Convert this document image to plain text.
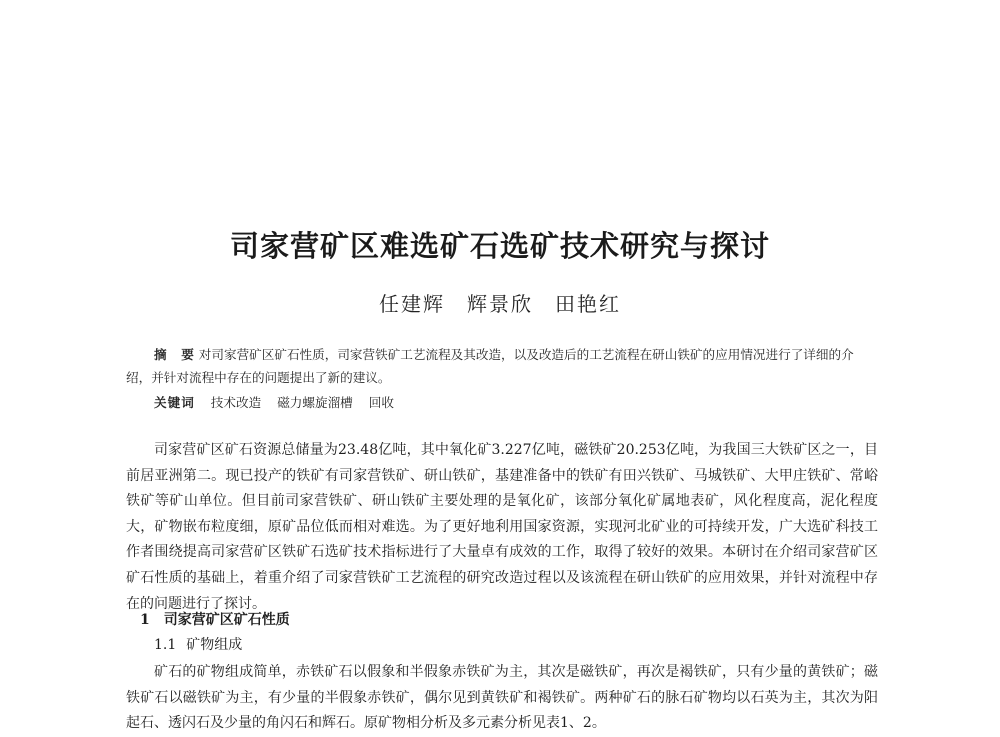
司家营矿区难选矿石选矿技术研究与探讨
任建辉 辉景欣 田艳红
摘　要 对司家营矿区矿石性质，司家营铁矿工艺流程及其改造，以及改造后的工艺流程在研山铁矿的应用情况进行了详细的介绍，并针对流程中存在的问题提出了新的建议。
关键词 技术改造 磁力螺旋溜槽 回收
司家营矿区矿石资源总储量为23.48亿吨，其中氧化矿3.227亿吨，磁铁矿20.253亿吨，为我国三大铁矿区之一，目前居亚洲第二。现已投产的铁矿有司家营铁矿、研山铁矿，基建准备中的铁矿有田兴铁矿、马城铁矿、大甲庄铁矿、常峪铁矿等矿山单位。但目前司家营铁矿、研山铁矿主要处理的是氧化矿，该部分氧化矿属地表矿，风化程度高，泥化程度大，矿物嵌布粒度细，原矿品位低而相对难选。为了更好地利用国家资源，实现河北矿业的可持续开发，广大选矿科技工作者围绕提高司家营矿区铁矿石选矿技术指标进行了大量卓有成效的工作，取得了较好的效果。本研讨在介绍司家营矿区矿石性质的基础上，着重介绍了司家营铁矿工艺流程的研究改造过程以及该流程在研山铁矿的应用效果，并针对流程中存在的问题进行了探讨。
1 司家营矿区矿石性质
1.1 矿物组成
矿石的矿物组成简单，赤铁矿石以假象和半假象赤铁矿为主，其次是磁铁矿，再次是褐铁矿，只有少量的黄铁矿；磁铁矿石以磁铁矿为主，有少量的半假象赤铁矿，偶尔见到黄铁矿和褐铁矿。两种矿石的脉石矿物均以石英为主，其次为阳起石、透闪石及少量的角闪石和辉石。原矿物相分析及多元素分析见表1、2。
